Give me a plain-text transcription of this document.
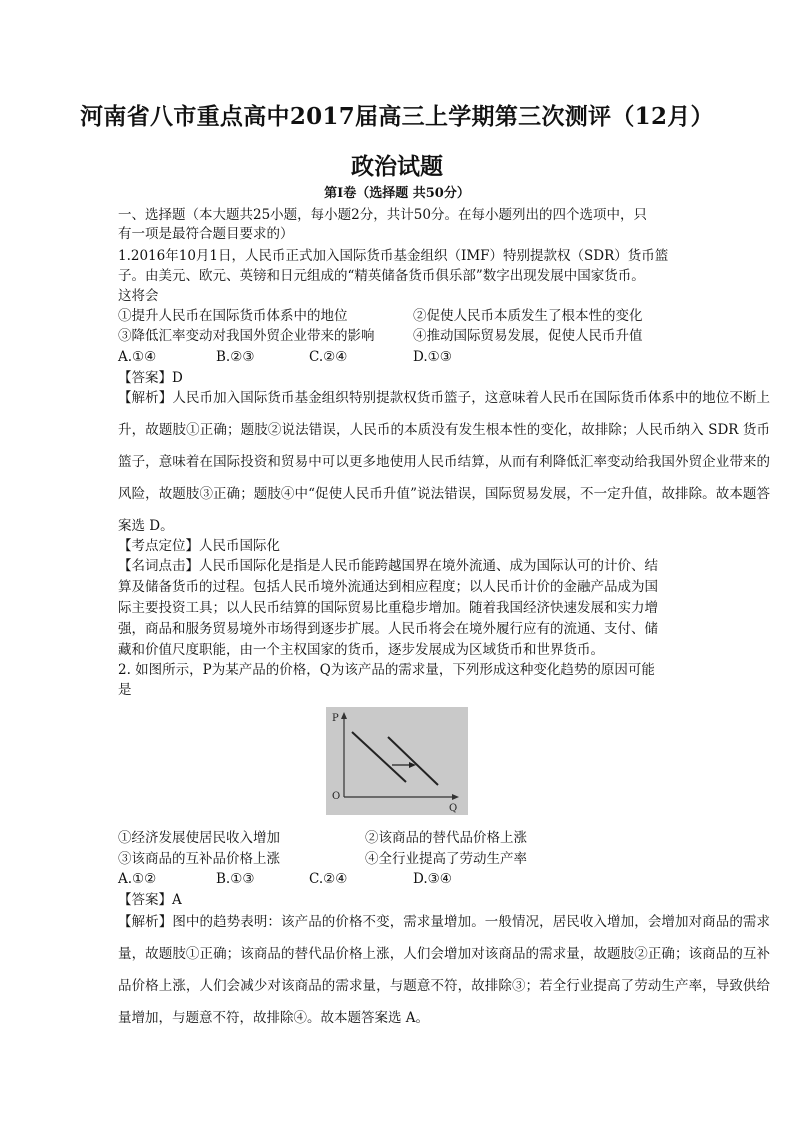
河南省八市重点高中2017届高三上学期第三次测评（12月）
政治试题
第Ⅰ卷（选择题 共50分）
一、选择题（本大题共25小题，每小题2分，共计50分。在每小题列出的四个选项中，只
有一项是最符合题目要求的）
1.2016年10月1日，人民币正式加入国际货币基金组织（IMF）特别提款权（SDR）货币篮
子。由美元、欧元、英镑和日元组成的“精英储备货币俱乐部”数字出现发展中国家货币。
这将会
①提升人民币在国际货币体系中的地位	②促使人民币本质发生了根本性的变化
③降低汇率变动对我国外贸企业带来的影响	④推动国际贸易发展，促使人民币升值
A.①④	B.②③	C.②④	D.①③
【答案】D
【解析】人民币加入国际货币基金组织特别提款权货币篮子，这意味着人民币在国际货币体系中的地位不断上升，故题肢①正确；题肢②说法错误，人民币的本质没有发生根本性的变化，故排除；人民币纳入 SDR 货币篮子，意味着在国际投资和贸易中可以更多地使用人民币结算，从而有利降低汇率变动给我国外贸企业带来的风险，故题肢③正确；题肢④中“促使人民币升值”说法错误，国际贸易发展，不一定升值，故排除。故本题答案选 D。
【考点定位】人民币国际化
【名词点击】人民币国际化是指是人民币能跨越国界在境外流通、成为国际认可的计价、结
算及储备货币的过程。包括人民币境外流通达到相应程度；以人民币计价的金融产品成为国
际主要投资工具；以人民币结算的国际贸易比重稳步增加。随着我国经济快速发展和实力增
强，商品和服务贸易境外市场得到逐步扩展。人民币将会在境外履行应有的流通、支付、储
藏和价值尺度职能，由一个主权国家的货币，逐步发展成为区域货币和世界货币。
2. 如图所示，P为某产品的价格，Q为该产品的需求量，下列形成这种变化趋势的原因可能
是
P
O
Q
①经济发展使居民收入增加	②该商品的替代品价格上涨
③该商品的互补品价格上涨	④全行业提高了劳动生产率
A.①②	B.①③	C.②④	D.③④
【答案】A
【解析】图中的趋势表明：该产品的价格不变，需求量增加。一般情况，居民收入增加，会增加对商品的需求量，故题肢①正确；该商品的替代品价格上涨，人们会增加对该商品的需求量，故题肢②正确；该商品的互补品价格上涨，人们会减少对该商品的需求量，与题意不符，故排除③；若全行业提高了劳动生产率，导致供给量增加，与题意不符，故排除④。故本题答案选 A。
